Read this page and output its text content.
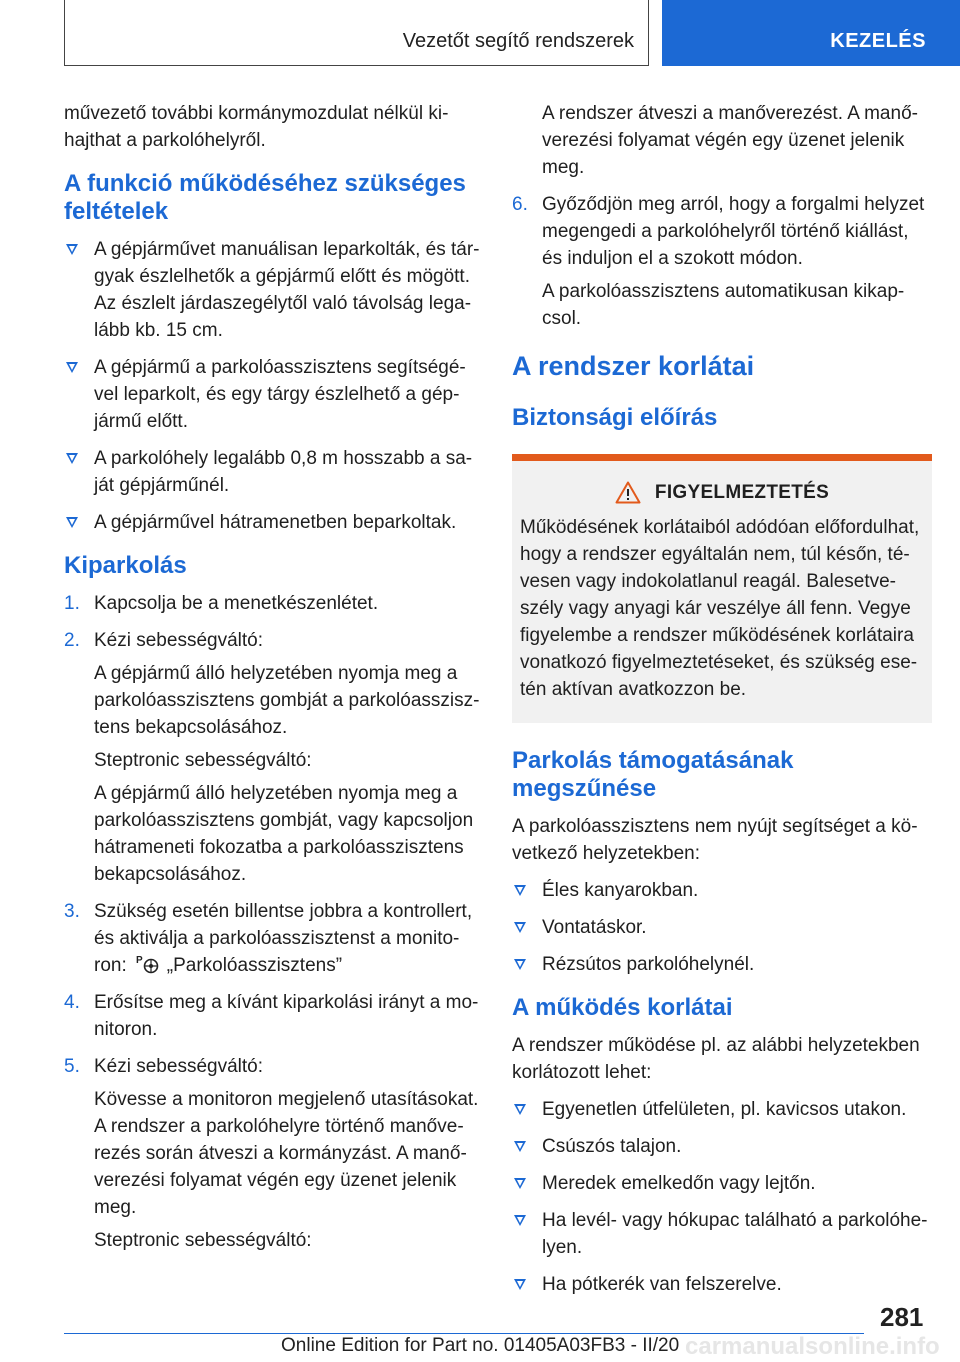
Vezetőt segítő rendszerek	KEZELÉS

művezető további kormánymozdulat nélkül ki-hajthat a parkolóhelyről.

A funkció működéséhez szükséges feltételek
A gépjárművet manuálisan leparkolták, és tár-gyak észlelhetők a gépjármű előtt és mögött. Az észlelt járdaszegélytől való távolság lega-lább kb. 15 cm.
A gépjármű a parkolóasszisztens segítségé-vel leparkolt, és egy tárgy észlelhető a gép-jármű előtt.
A parkolóhely legalább 0,8 m hosszabb a sa-ját gépjárműnél.
A gépjárművel hátramenetben beparkoltak.
Kiparkolás
1. Kapcsolja be a menetkészenlétet.

2. Kézi sebességváltó:

A gépjármű álló helyzetében nyomja meg a parkolóasszisztens gombját a parkolóasszisz-tens bekapcsolásához.

Steptronic sebességváltó:

A gépjármű álló helyzetében nyomja meg a parkolóasszisztens gombját, vagy kapcsoljon hátrameneti fokozatba a parkolóasszisztens bekapcsolásához.

3. Szükség esetén billentse jobbra a kontrollert, és aktiválja a parkolóasszisztenst a monito-ron: P „Parkolóasszisztens”

4. Erősítse meg a kívánt kiparkolási irányt a mo-nitoron.

5. Kézi sebességváltó:

Kövesse a monitoron megjelenő utasításokat. A rendszer a parkolóhelyre történő manőve-rezés során átveszi a kormányzást. A manő-verezési folyamat végén egy üzenet jelenik meg.

Steptronic sebességváltó:

A rendszer átveszi a manőverezést. A manő-verezési folyamat végén egy üzenet jelenik meg.

6. Győződjön meg arról, hogy a forgalmi helyzet megengedi a parkolóhelyről történő kiállást, és induljon el a szokott módon.

A parkolóasszisztens automatikusan kikap-csol.

A rendszer korlátai
Biztonsági előírás
FIGYELMEZTETÉS

Működésének korlátaiból adódóan előfordulhat, hogy a rendszer egyáltalán nem, túl későn, té-vesen vagy indokolatlanul reagál. Balesetve-szély vagy anyagi kár veszélye áll fenn. Vegye figyelembe a rendszer működésének korlátaira vonatkozó figyelmeztetéseket, és szükség ese-tén aktívan avatkozzon be.

Parkolás támogatásának megszűnése

A parkolóasszisztens nem nyújt segítséget a kö-vetkező helyzetekben:

Éles kanyarokban.
Vontatáskor.
Rézsútos parkolóhelynél.
A működés korlátai

A rendszer működése pl. az alábbi helyzetekben korlátozott lehet:

Egyenetlen útfelületen, pl. kavicsos utakon.
Csúszós talajon.
Meredek emelkedőn vagy lejtőn.
Ha levél- vagy hókupac található a parkolóhe-lyen.
Ha pótkerék van felszerelve.
281
carmanualsonline.info
Online Edition for Part no. 01405A03FB3 - II/20
